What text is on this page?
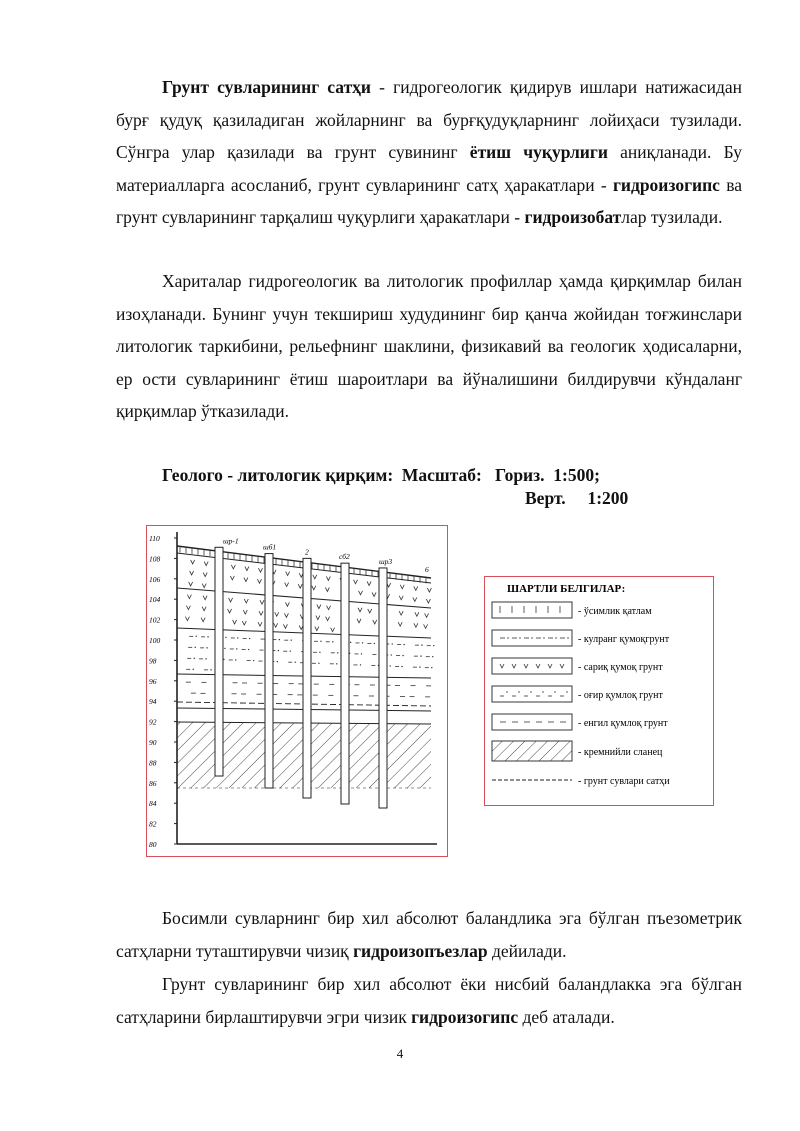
Грунт сувларининг сатҳи - гидрогеологик қидирув ишлари натижасидан бурғ қудуқ қазиладиган жойларнинг ва бурғқудуқларнинг лойиҳаси тузилади. Сўнгра улар қазилади ва грунт сувининг ётиш чуқурлиги аниқланади. Бу материалларга асосланиб, грунт сувларининг сатҳ ҳаракатлари - гидроизогипс ва грунт сувларининг тарқалиш чуқурлиги ҳаракатлари - гидроизобатлар тузилади.

Хариталар гидрогеологик ва литологик профиллар ҳамда қирқимлар билан изоҳланади. Бунинг учун текшириш худудининг бир қанча жойидан тоғжинслари литологик таркибини, рельефнинг шаклини, физикавий ва геологик ҳодисаларни, ер ости сувларининг ётиш шароитлари ва йўналишини билдирувчи кўндаланг қирқимлар ўтказилади.

Геолого - литологик қирқим:  Масштаб:   Гориз.  1:500;
Верт.     1:200
110
108
106
104
102
100
98
96
94
92
90
88
86
84
82
80
шр-1
шб1
2
сб2
шр3
6
ШАРТЛИ БЕЛГИЛАР:
- ўсимлик қатлам
- кулранг қумоқгрунт
- сариқ қумоқ грунт
- оғир қумлоқ грунт
- енгил қумлоқ грунт
- кремнийли сланец
- грунт сувлари сатҳи

Босимли сувларнинг бир хил абсолют баландлика эга бўлган пъезометрик сатҳларни туташтирувчи чизиқ гидроизопъезлар дейилади.

Грунт сувларининг бир хил абсолют ёки нисбий баландлакка эга бўлган сатҳларини бирлаштирувчи эгри чизик гидроизогипс деб аталади.

4
